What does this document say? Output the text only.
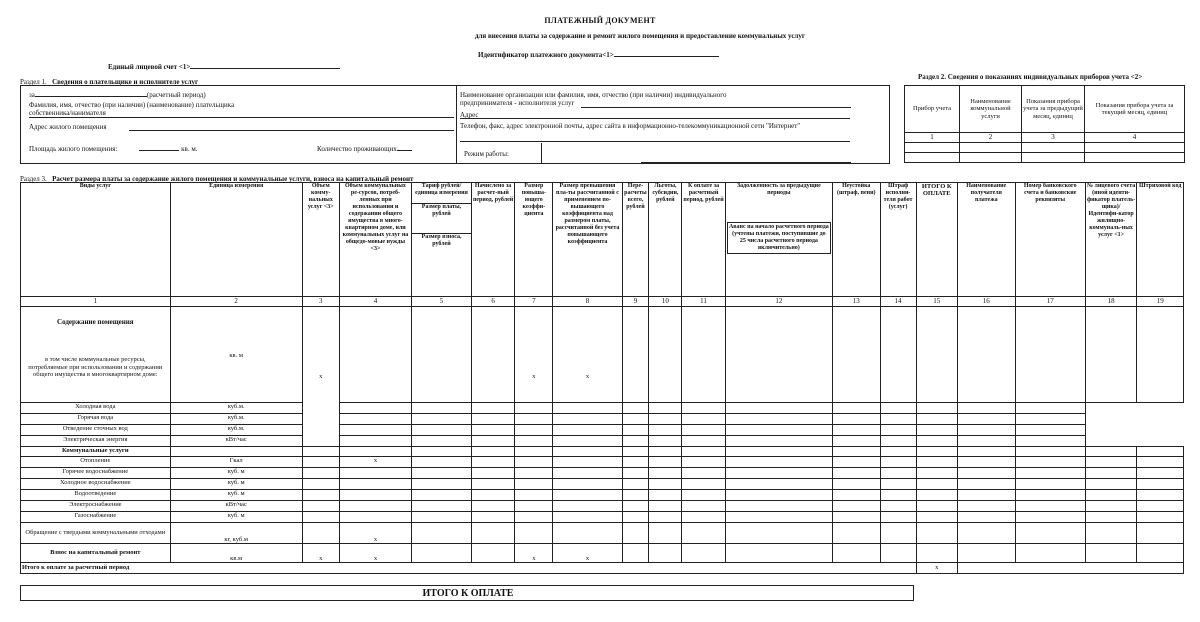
ПЛАТЕЖНЫЙ ДОКУМЕНТ
для внесения платы за содержание и ремонт жилого помещения и предоставление коммунальных услуг
Идентификатор платежного документа<1>
Единый лицевой счет <1>
Раздел 1. Сведения о плательщике и исполнителе услуг
за	(расчетный период)
Фамилия, имя, отчество (при наличии) (наименование) плательщика собственника/нанимателя
Адрес жилого помещения
Площадь жилого помещения:	кв. м.	Количество проживающих
Наименование организации или фамилия, имя, отчество (при наличии) индивидуального предпринимателя - исполнителя услуг
Адрес
Телефон, факс, адрес электронной почты, адрес сайта в информационно-телекоммуникационной сети "Интернет"
Режим работы:
Раздел 2. Сведения о показаниях индивидуальных приборов учета <2>
Прибор учета	Наименование коммунальной услуги	Показания прибора учета за предыдущий месяц, единиц	Показания прибора учета за текущий месяц, единиц
1	2	3	4

Раздел 3. Расчет размера платы за содержание жилого помещения и коммунальные услуги, взноса на капитальный ремонт
Виды услуг	Единица измерения	Объем комму-нальных услуг <3>	Объем коммунальных ре-сурсов, потреб-ленных при использовании и содержании общего имущества в много-квартирном доме, или коммунальных услуг на общедо-мовые нужды <3>	Тариф рублей/единица измерения	Начислено за расчет-ный период, рублей	Размер повыша-ющего коэффи-циента	Размер превышения пла-ты рассчитанной с применением по-вышающего коэффициента над размером платы, рассчитанной без учета повышающего коэффициента	Пере-расчеты всего, рублей	Льготы, субсидии, рублей	К оплате за расчетный период, рублей	Задолженность за предыдущие периоды	Неустойка (штраф, пени)	Штраф исполни-теля работ (услуг)	ИТОГО К ОПЛАТЕ	Наименование получателя платежа	Номер банковского счета и банковские реквизиты	№ лицевого счета (иной иденти-фикатор платель-щика)/ Идентифи-катор жилищно-коммуналь-ных услуг <1>	Штриховой код
				Размер платы, рублей							Аванс на начало расчетного периода (учтены платежи, поступившие до 25 числа расчетного периода включительно)							

				Размер взноса, рублей														
1	2	3	4	5	6	7	8	9	10	11	12	13	14	15	16	17	18	19

Содержание помещения
в том числе коммунальные ресурсы, потребляемые при использовании и содержании общего имущества в многоквартирном доме:	кв. м	x				x	x											
Холодная вода	куб.м.																	
Горячая вода	куб.м.																	
Отведение сточных вод	куб.м.																	
Электрическая энергия	кВт/час																	
Коммунальные услуги																		
Отопление	Гкал		x															
Горячее водоснабжение	куб. м																	
Холодное водоснабжение	куб. м																	
Водоотведение	куб. м																	
Электроснабжение	кВт/час																	
Газоснабжение	куб. м																	
Обращение с твердыми коммунальными отходами	кг, куб.м		x															
Взнос на капитальный ремонт	кв.м	x	x			x	x											
Итого к оплате за расчетный период														x				
ИТОГО К ОПЛАТЕ
